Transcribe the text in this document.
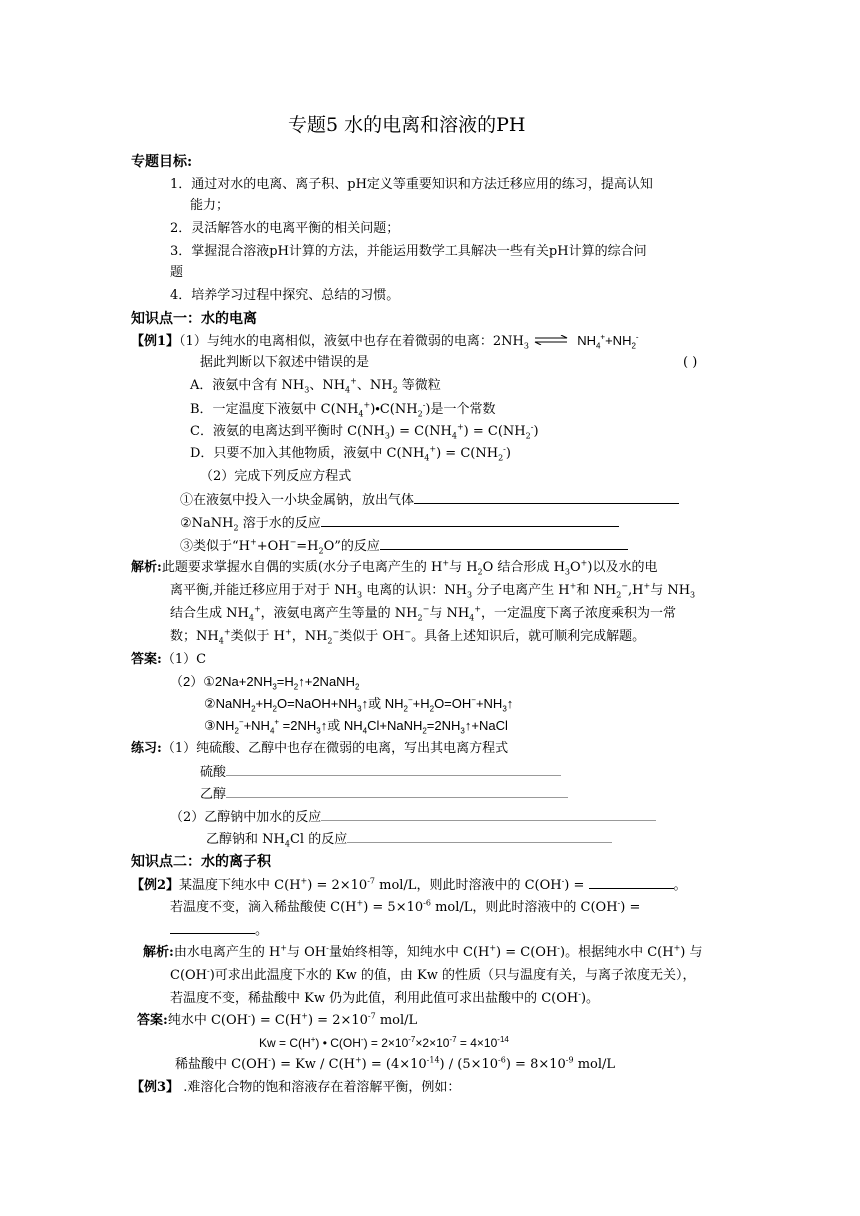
专题5 水的电离和溶液的PH
专题目标:
1．通过对水的电离、离子积、pH定义等重要知识和方法迁移应用的练习，提高认知
能力；
2．灵活解答水的电离平衡的相关问题；
3．掌握混合溶液pH计算的方法，并能运用数学工具解决一些有关pH计算的综合问
题
4．培养学习过程中探究、总结的习惯。
知识点一：水的电离
【例1】（1）与纯水的电离相似，液氨中也存在着微弱的电离：$2NH_3$ ⇌ $NH_4^++NH_2^-$
据此判断以下叙述中错误的是	( )
A．液氨中含有 $NH_3$、$NH_4^+$、$NH_2$ 等微粒
B．一定温度下液氨中 $C(NH_4^+)•C(NH_2^-)$是一个常数
C．液氨的电离达到平衡时 $C(NH_3) = C(NH_4^+) = C(NH_2^-)$
D．只要不加入其他物质，液氨中 $C(NH_4^+) = C(NH_2^-)$
（2）完成下列反应方程式
①在液氨中投入一小块金属钠，放出气体
②NaNH$_2$ 溶于水的反应
③类似于“$H^++OH^-=H_2O$”的反应
解析:此题要求掌握水自偶的实质(水分子电离产生的 H+与 $H_2O$ 结合形成 $H_3O^+$)以及水的电
离平衡,并能迁移应用于对于 $NH_3$ 电离的认识：$NH_3$ 分子电离产生 H+和 $NH_2^-,H^+$与 $NH_3$
结合生成 $NH_4^+$，液氨电离产生等量的 $NH_2^-$与 $NH_4^+$，一定温度下离子浓度乘积为一常
数；$NH_4^+$类似于 H+，$NH_2^-$类似于 OH−。具备上述知识后，就可顺利完成解题。
答案:（1）C
$(2)①2Na+2NH_3=H_2↑+2NaNH_2$
$②NaNH_2+H_2O=NaOH+NH_3↑$或 $NH_2^-+H_2O=OH^-+NH_3↑$
$③NH_2^-+NH_4^+$ $=2NH_3↑$或 $NH_4Cl+NaNH_2=2NH_3↑+NaCl$
练习:（1）纯硫酸、乙醇中也存在微弱的电离，写出其电离方程式
硫酸
乙醇
（2）乙醇钠中加水的反应
乙醇钠和 $NH_4Cl$ 的反应
知识点二：水的离子积
【例2】某温度下纯水中 $C(H^+) = 2\times 10^{-7}$ mol/L，则此时溶液中的 C(OH-) =	。
若温度不变，滴入稀盐酸使 $C(H^+) = 5\times 10^{-6}$ mol/L，则此时溶液中的 C(OH-) =
。
解析:由水电离产生的 H+与 OH-量始终相等，知纯水中 C(H+) = C(OH-)。根据纯水中 C(H+) 与
C(OH-)可求出此温度下水的 Kw 的值，由 Kw 的性质（只与温度有关，与离子浓度无关），
若温度不变，稀盐酸中 Kw 仍为此值，利用此值可求出盐酸中的 C(OH-)。
答案:纯水中 $C(OH^-) = C(H^+) = 2\times 10^{-7}$ mol/L
Kw = C(H+) • $C(OH^-) = 2\times 10^{-7}\times 2\times 10^{-7} = 4\times 10^{-14}$
稀盐酸中 $C(OH^-) = Kw / C(H^+) = (4\times 10^{-14}) / (5\times 10^{-6}) = 8\times 10^{-9}$ mol/L
【例3】 .难溶化合物的饱和溶液存在着溶解平衡，例如：
